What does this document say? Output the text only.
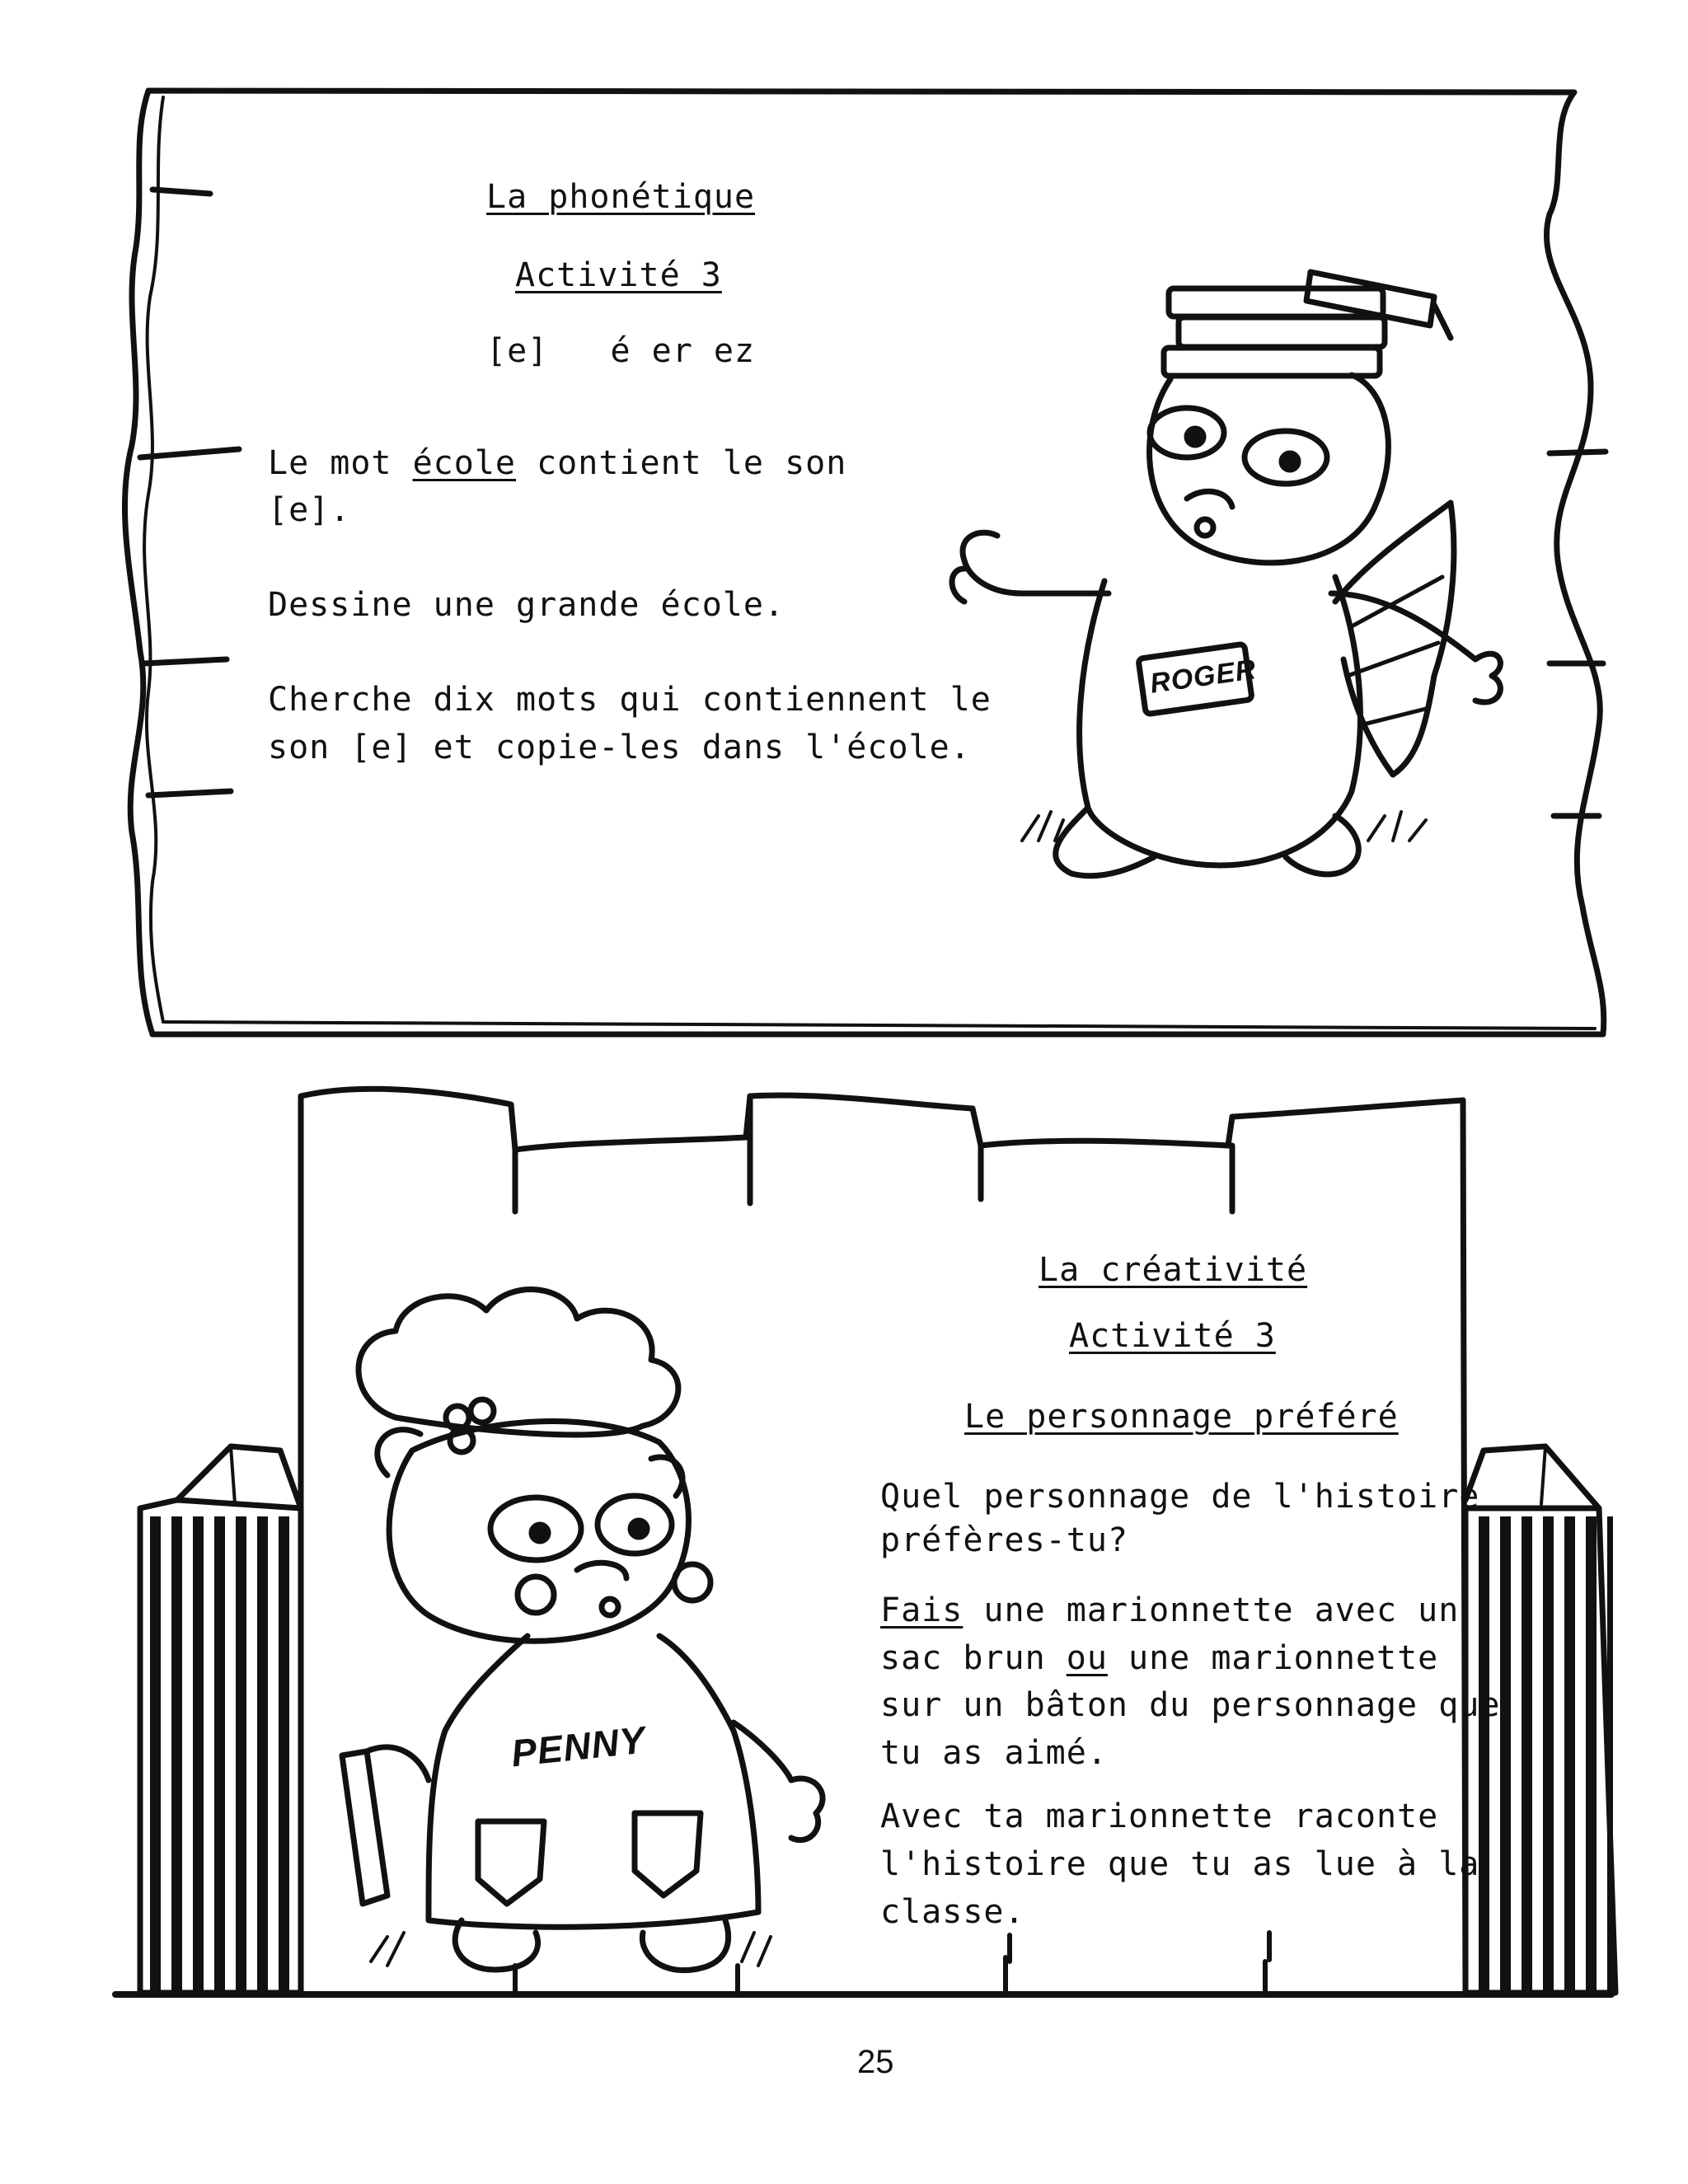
La phonétique

Activité 3

[e]   é er ez

Le mot école contient le son

[e].

Dessine une grande école.

Cherche dix mots qui contiennent le

son [e] et copie-les dans l'école.

ROGER

La créativité

Activité 3

Le personnage préféré

Quel personnage de l'histoire

préfères-tu?

Fais une marionnette avec un

sac brun ou une marionnette

sur un bâton du personnage que

tu as aimé.

Avec ta marionnette raconte

l'histoire que tu as lue à la

classe.

PENNY

25
